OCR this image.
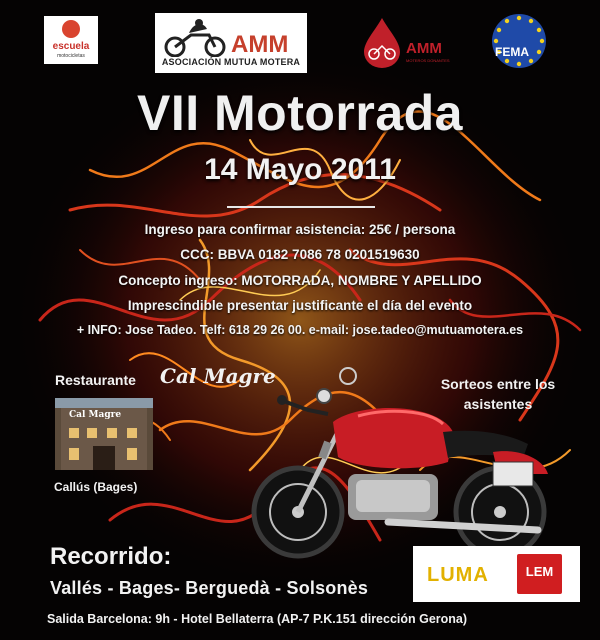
escuela
motocicletas	AMM
ASOCIACIÓN MUTUA MOTERA
AMM
MOTEROS DONANTES
FEMA
VII Motorrada
14 Mayo 2011
Ingreso para confirmar asistencia: 25€ / persona
CCC: BBVA 0182 7086 78 0201519630
Concepto ingreso: MOTORRADA, NOMBRE Y APELLIDO
Imprescindible presentar justificante el día del evento
+ INFO: Jose Tadeo. Telf: 618 29 26 00. e-mail: jose.tadeo@mutuamotera.es
Restaurante Cal Magre
Cal Magre
Callús (Bages)
Sorteos entre los asistentes
Recorrido:
Vallés - Bages- Berguedà - Solsonès
Salida Barcelona: 9h - Hotel Bellaterra (AP-7 P.K.151 dirección Gerona)
LUMA	LEM
